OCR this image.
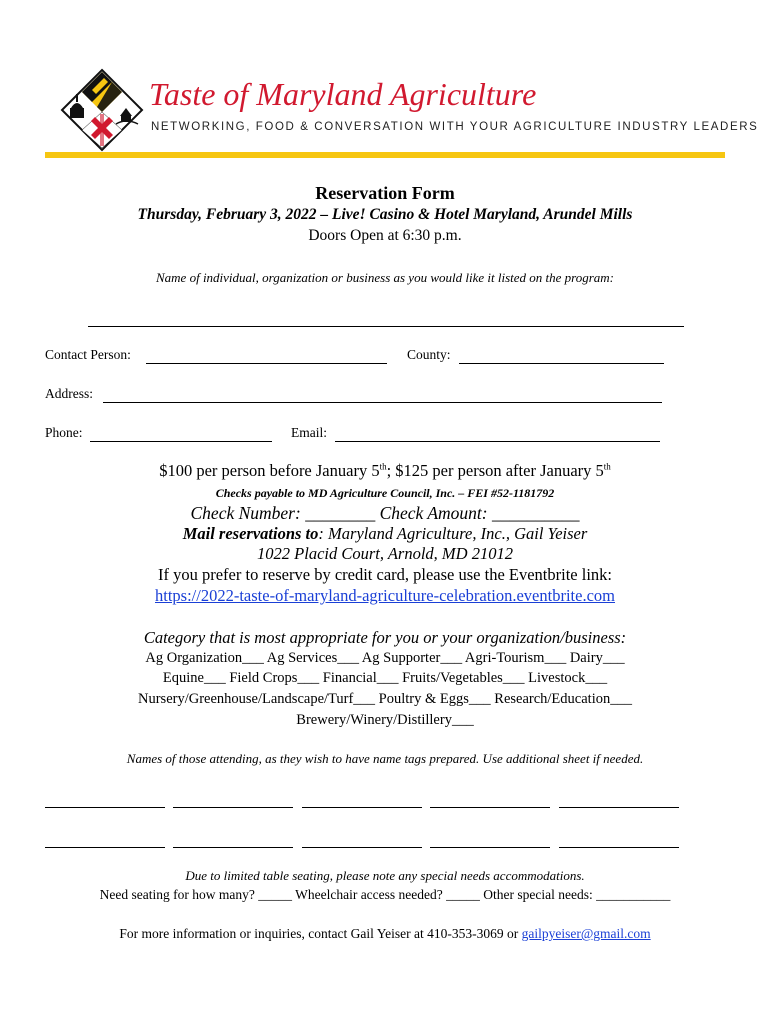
Taste of Maryland Agriculture
NETWORKING, FOOD & CONVERSATION WITH YOUR AGRICULTURE INDUSTRY LEADERS
Reservation Form
Thursday, February 3, 2022 – Live! Casino & Hotel Maryland, Arundel Mills
Doors Open at 6:30 p.m.
Name of individual, organization or business as you would like it listed on the program:
Contact Person:	County:
Address:
Phone:	Email:
$100 per person before January 5th; $125 per person after January 5th
Checks payable to MD Agriculture Council, Inc. – FEI #52-1181792
Check Number: ________ Check Amount: __________
Mail reservations to: Maryland Agriculture, Inc., Gail Yeiser
1022 Placid Court, Arnold, MD 21012
If you prefer to reserve by credit card, please use the Eventbrite link:
https://2022-taste-of-maryland-agriculture-celebration.eventbrite.com
Category that is most appropriate for you or your organization/business:
Ag Organization___ Ag Services___ Ag Supporter___ Agri-Tourism___ Dairy___
Equine___ Field Crops___ Financial___ Fruits/Vegetables___ Livestock___
Nursery/Greenhouse/Landscape/Turf___ Poultry & Eggs___ Research/Education___
Brewery/Winery/Distillery___
Names of those attending, as they wish to have name tags prepared. Use additional sheet if needed.
Due to limited table seating, please note any special needs accommodations.
Need seating for how many? _____ Wheelchair access needed? _____ Other special needs: ___________
For more information or inquiries, contact Gail Yeiser at 410-353-3069 or gailpyeiser@gmail.com
